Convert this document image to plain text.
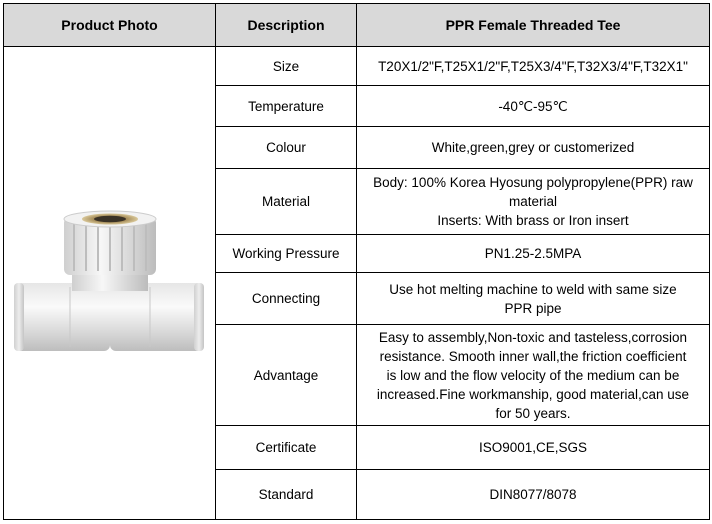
Product Photo	Description	PPR Female Threaded Tee

	Size	T20X1/2"F,T25X1/2"F,T25X3/4"F,T32X3/4"F,T32X1"

	Temperature	-40℃-95℃

	Colour	White,green,grey or customerized

	Material	Body: 100% Korea Hyosung polypropylene(PPR) raw
material
Inserts: With brass or Iron insert

	Working Pressure	PN1.25-2.5MPA

	Connecting	Use hot melting machine to weld with same size
PPR pipe

	Advantage	Easy to assembly,Non-toxic and tasteless,corrosion
resistance. Smooth inner wall,the friction coefficient
is low and the flow velocity of the medium can be
increased.Fine workmanship, good material,can use
for 50 years.

	Certificate	ISO9001,CE,SGS

	Standard	DIN8077/8078
